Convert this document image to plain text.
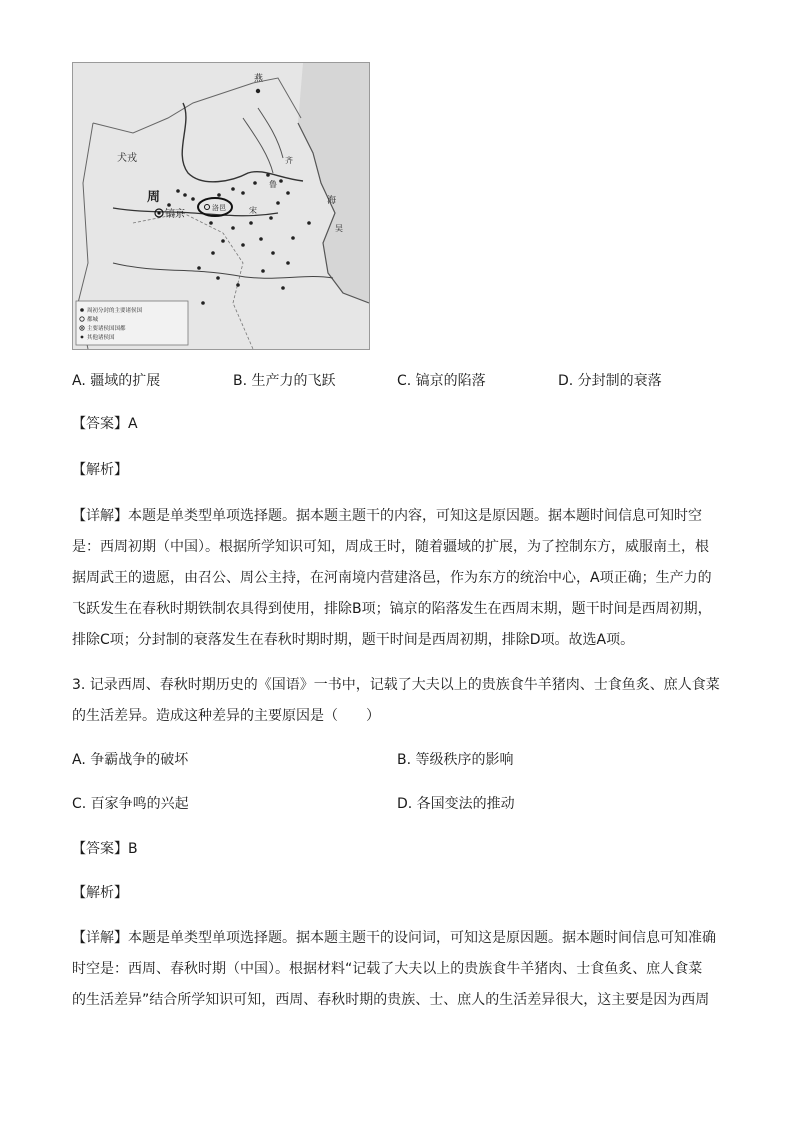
燕
犬戎
周
镐京
洛邑
海
宋
齐
鲁
吴
周初分封的主要诸侯国
都城
主要诸侯国国都
其他诸侯国
A. 疆域的扩展	B. 生产力的飞跃	C. 镐京的陷落	D. 分封制的衰落
【答案】A
【解析】
【详解】本题是单类型单项选择题。据本题主题干的内容，可知这是原因题。据本题时间信息可知时空
是：西周初期（中国）。根据所学知识可知，周成王时，随着疆域的扩展，为了控制东方，威服南土，根
据周武王的遗愿，由召公、周公主持，在河南境内营建洛邑，作为东方的统治中心，A项正确；生产力的
飞跃发生在春秋时期铁制农具得到使用，排除B项；镐京的陷落发生在西周末期，题干时间是西周初期，
排除C项；分封制的衰落发生在春秋时期时期，题干时间是西周初期，排除D项。故选A项。
3. 记录西周、春秋时期历史的《国语》一书中，记载了大夫以上的贵族食牛羊猪肉、士食鱼炙、庶人食菜
的生活差异。造成这种差异的主要原因是（　　）
A. 争霸战争的破坏	B. 等级秩序的影响
C. 百家争鸣的兴起	D. 各国变法的推动
【答案】B
【解析】
【详解】本题是单类型单项选择题。据本题主题干的设问词，可知这是原因题。据本题时间信息可知准确
时空是：西周、春秋时期（中国）。根据材料“记载了大夫以上的贵族食牛羊猪肉、士食鱼炙、庶人食菜
的生活差异”结合所学知识可知，西周、春秋时期的贵族、士、庶人的生活差异很大，这主要是因为西周
